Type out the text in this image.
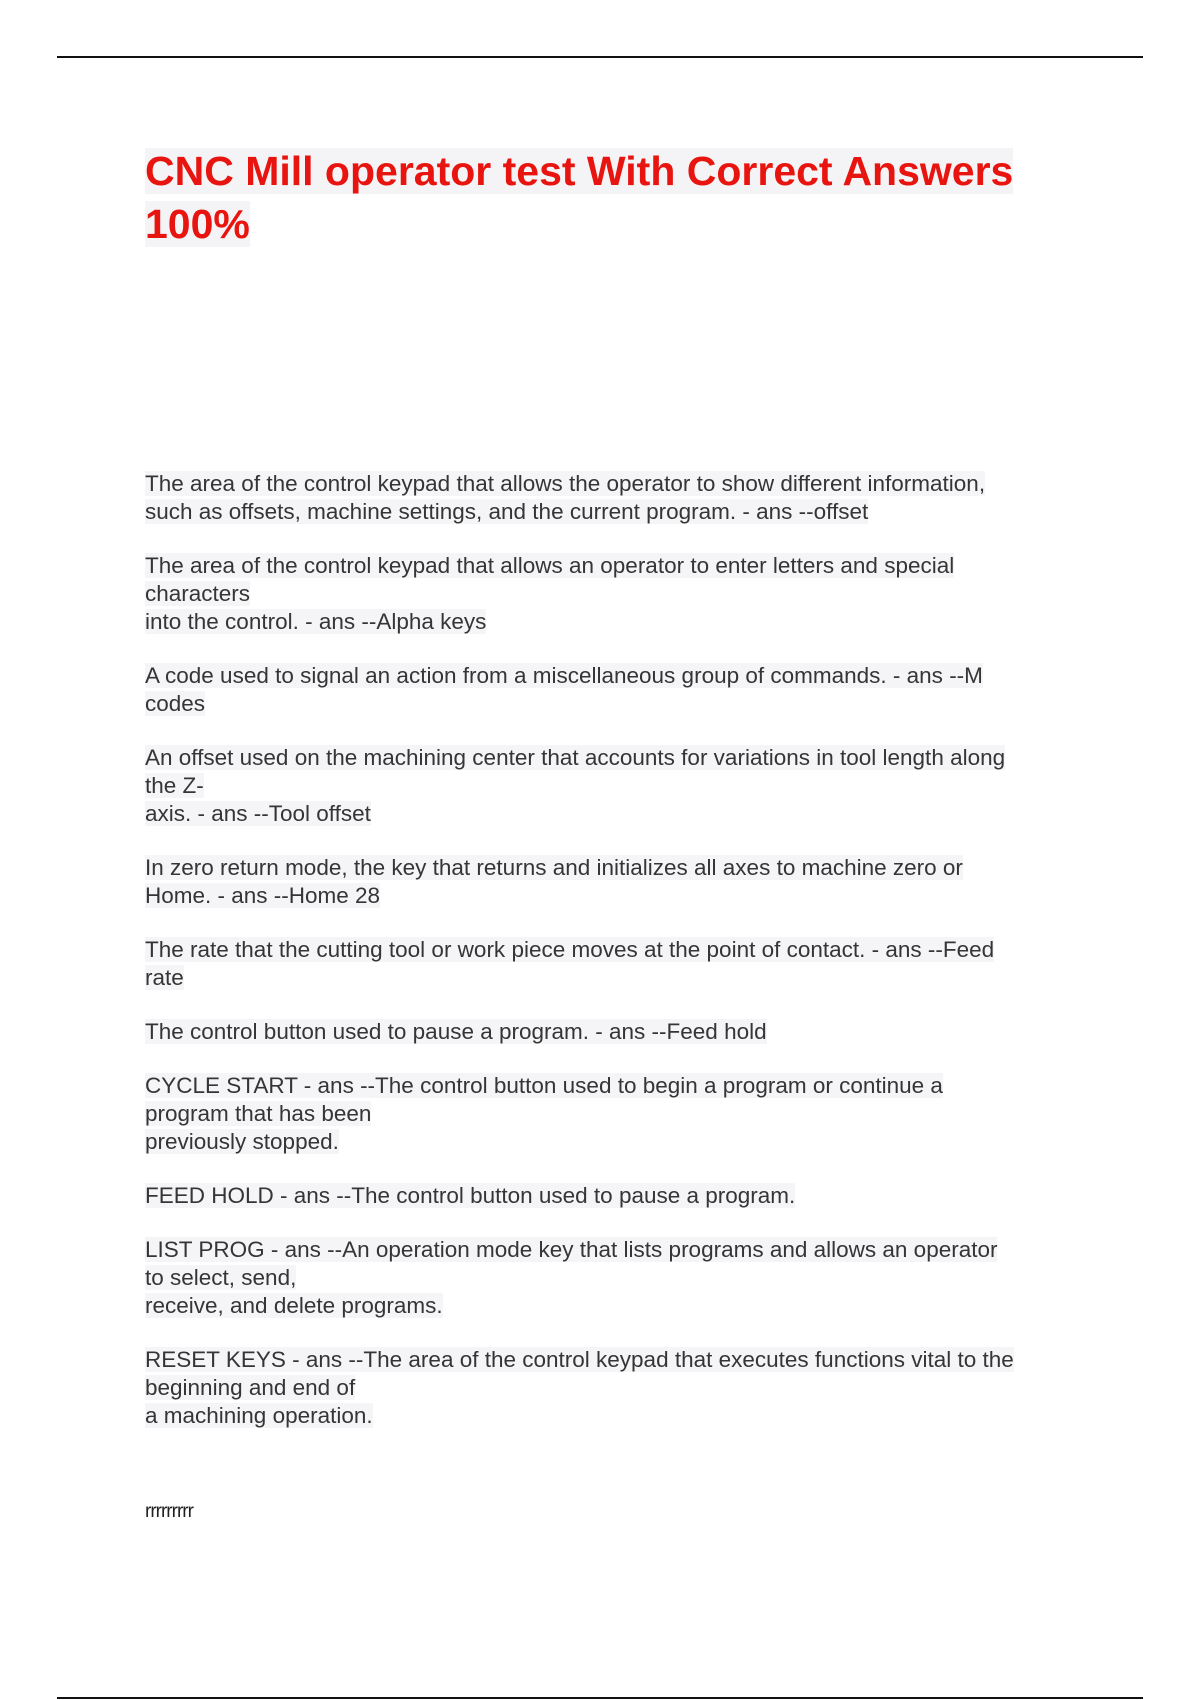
CNC Mill operator test With Correct Answers 100%
The area of the control keypad that allows the operator to show different information,
such as offsets, machine settings, and the current program. - ans --offset
The area of the control keypad that allows an operator to enter letters and special
characters
into the control. - ans --Alpha keys
A code used to signal an action from a miscellaneous group of commands. - ans --M
codes
An offset used on the machining center that accounts for variations in tool length along
the Z-
axis. - ans --Tool offset
In zero return mode, the key that returns and initializes all axes to machine zero or
Home. - ans --Home 28
The rate that the cutting tool or work piece moves at the point of contact. - ans --Feed
rate
The control button used to pause a program. - ans --Feed hold
CYCLE START - ans --The control button used to begin a program or continue a
program that has been
previously stopped.
FEED HOLD - ans --The control button used to pause a program.
LIST PROG - ans --An operation mode key that lists programs and allows an operator
to select, send,
receive, and delete programs.
RESET KEYS - ans --The area of the control keypad that executes functions vital to the
beginning and end of
a machining operation.
rrrrrrrrr
